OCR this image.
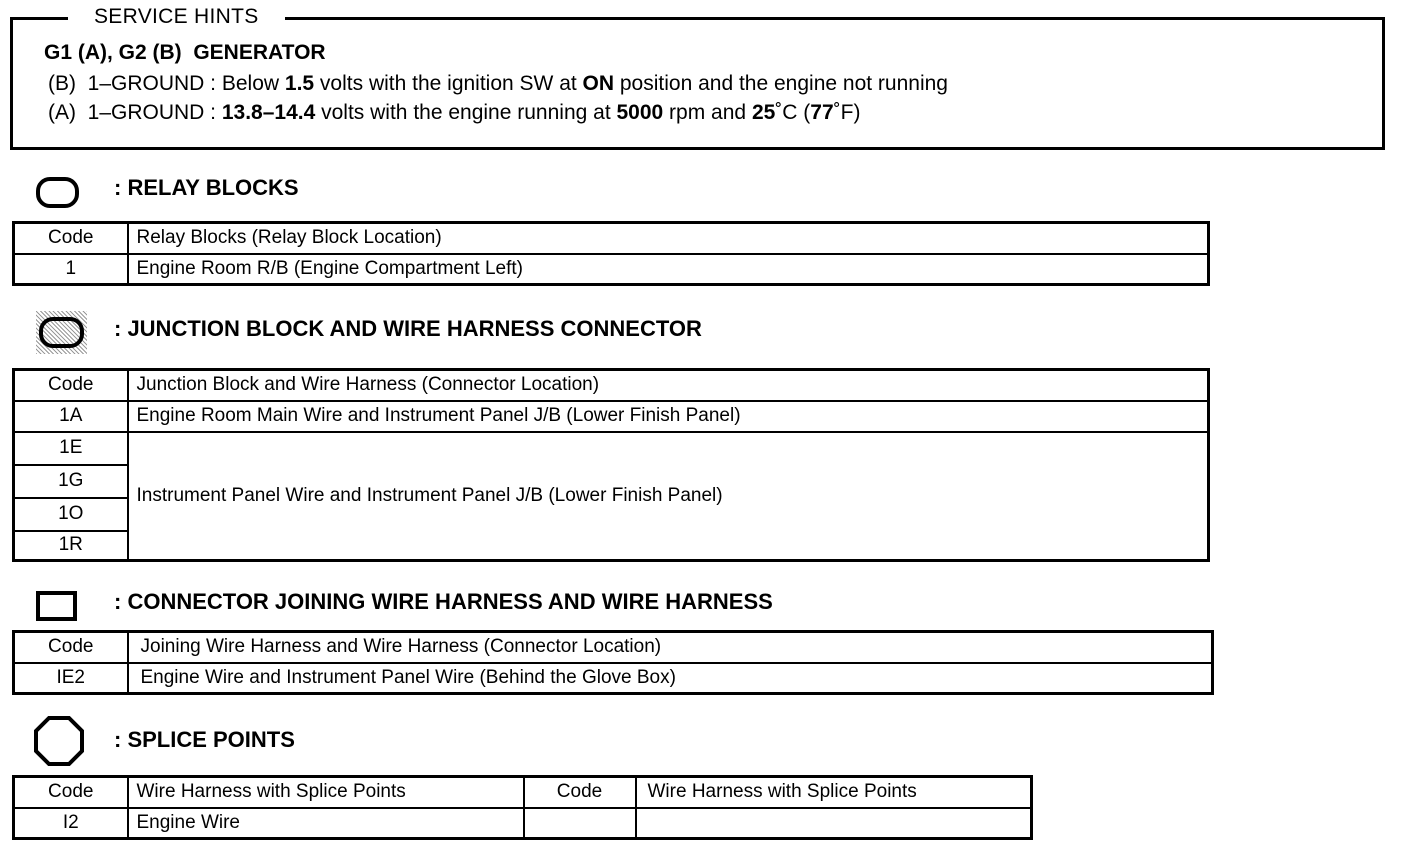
SERVICE HINTS
G1 (A), G2 (B)  GENERATOR
(B)  1–GROUND : Below 1.5 volts with the ignition SW at ON position and the engine not running
(A)  1–GROUND : 13.8–14.4 volts with the engine running at 5000 rpm and 25˚C (77˚F)
: RELAY BLOCKS
Code	Relay Blocks (Relay Block Location)
1	Engine Room R/B (Engine Compartment Left)
: JUNCTION BLOCK AND WIRE HARNESS CONNECTOR
Code	Junction Block and Wire Harness (Connector Location)
1A	Engine Room Main Wire and Instrument Panel J/B (Lower Finish Panel)
1E	Instrument Panel Wire and Instrument Panel J/B (Lower Finish Panel)
1G	
1O	
1R	
: CONNECTOR JOINING WIRE HARNESS AND WIRE HARNESS
Code	Joining Wire Harness and Wire Harness (Connector Location)
IE2	Engine Wire and Instrument Panel Wire (Behind the Glove Box)
: SPLICE POINTS
Code	Wire Harness with Splice Points	Code	Wire Harness with Splice Points
I2	Engine Wire		
